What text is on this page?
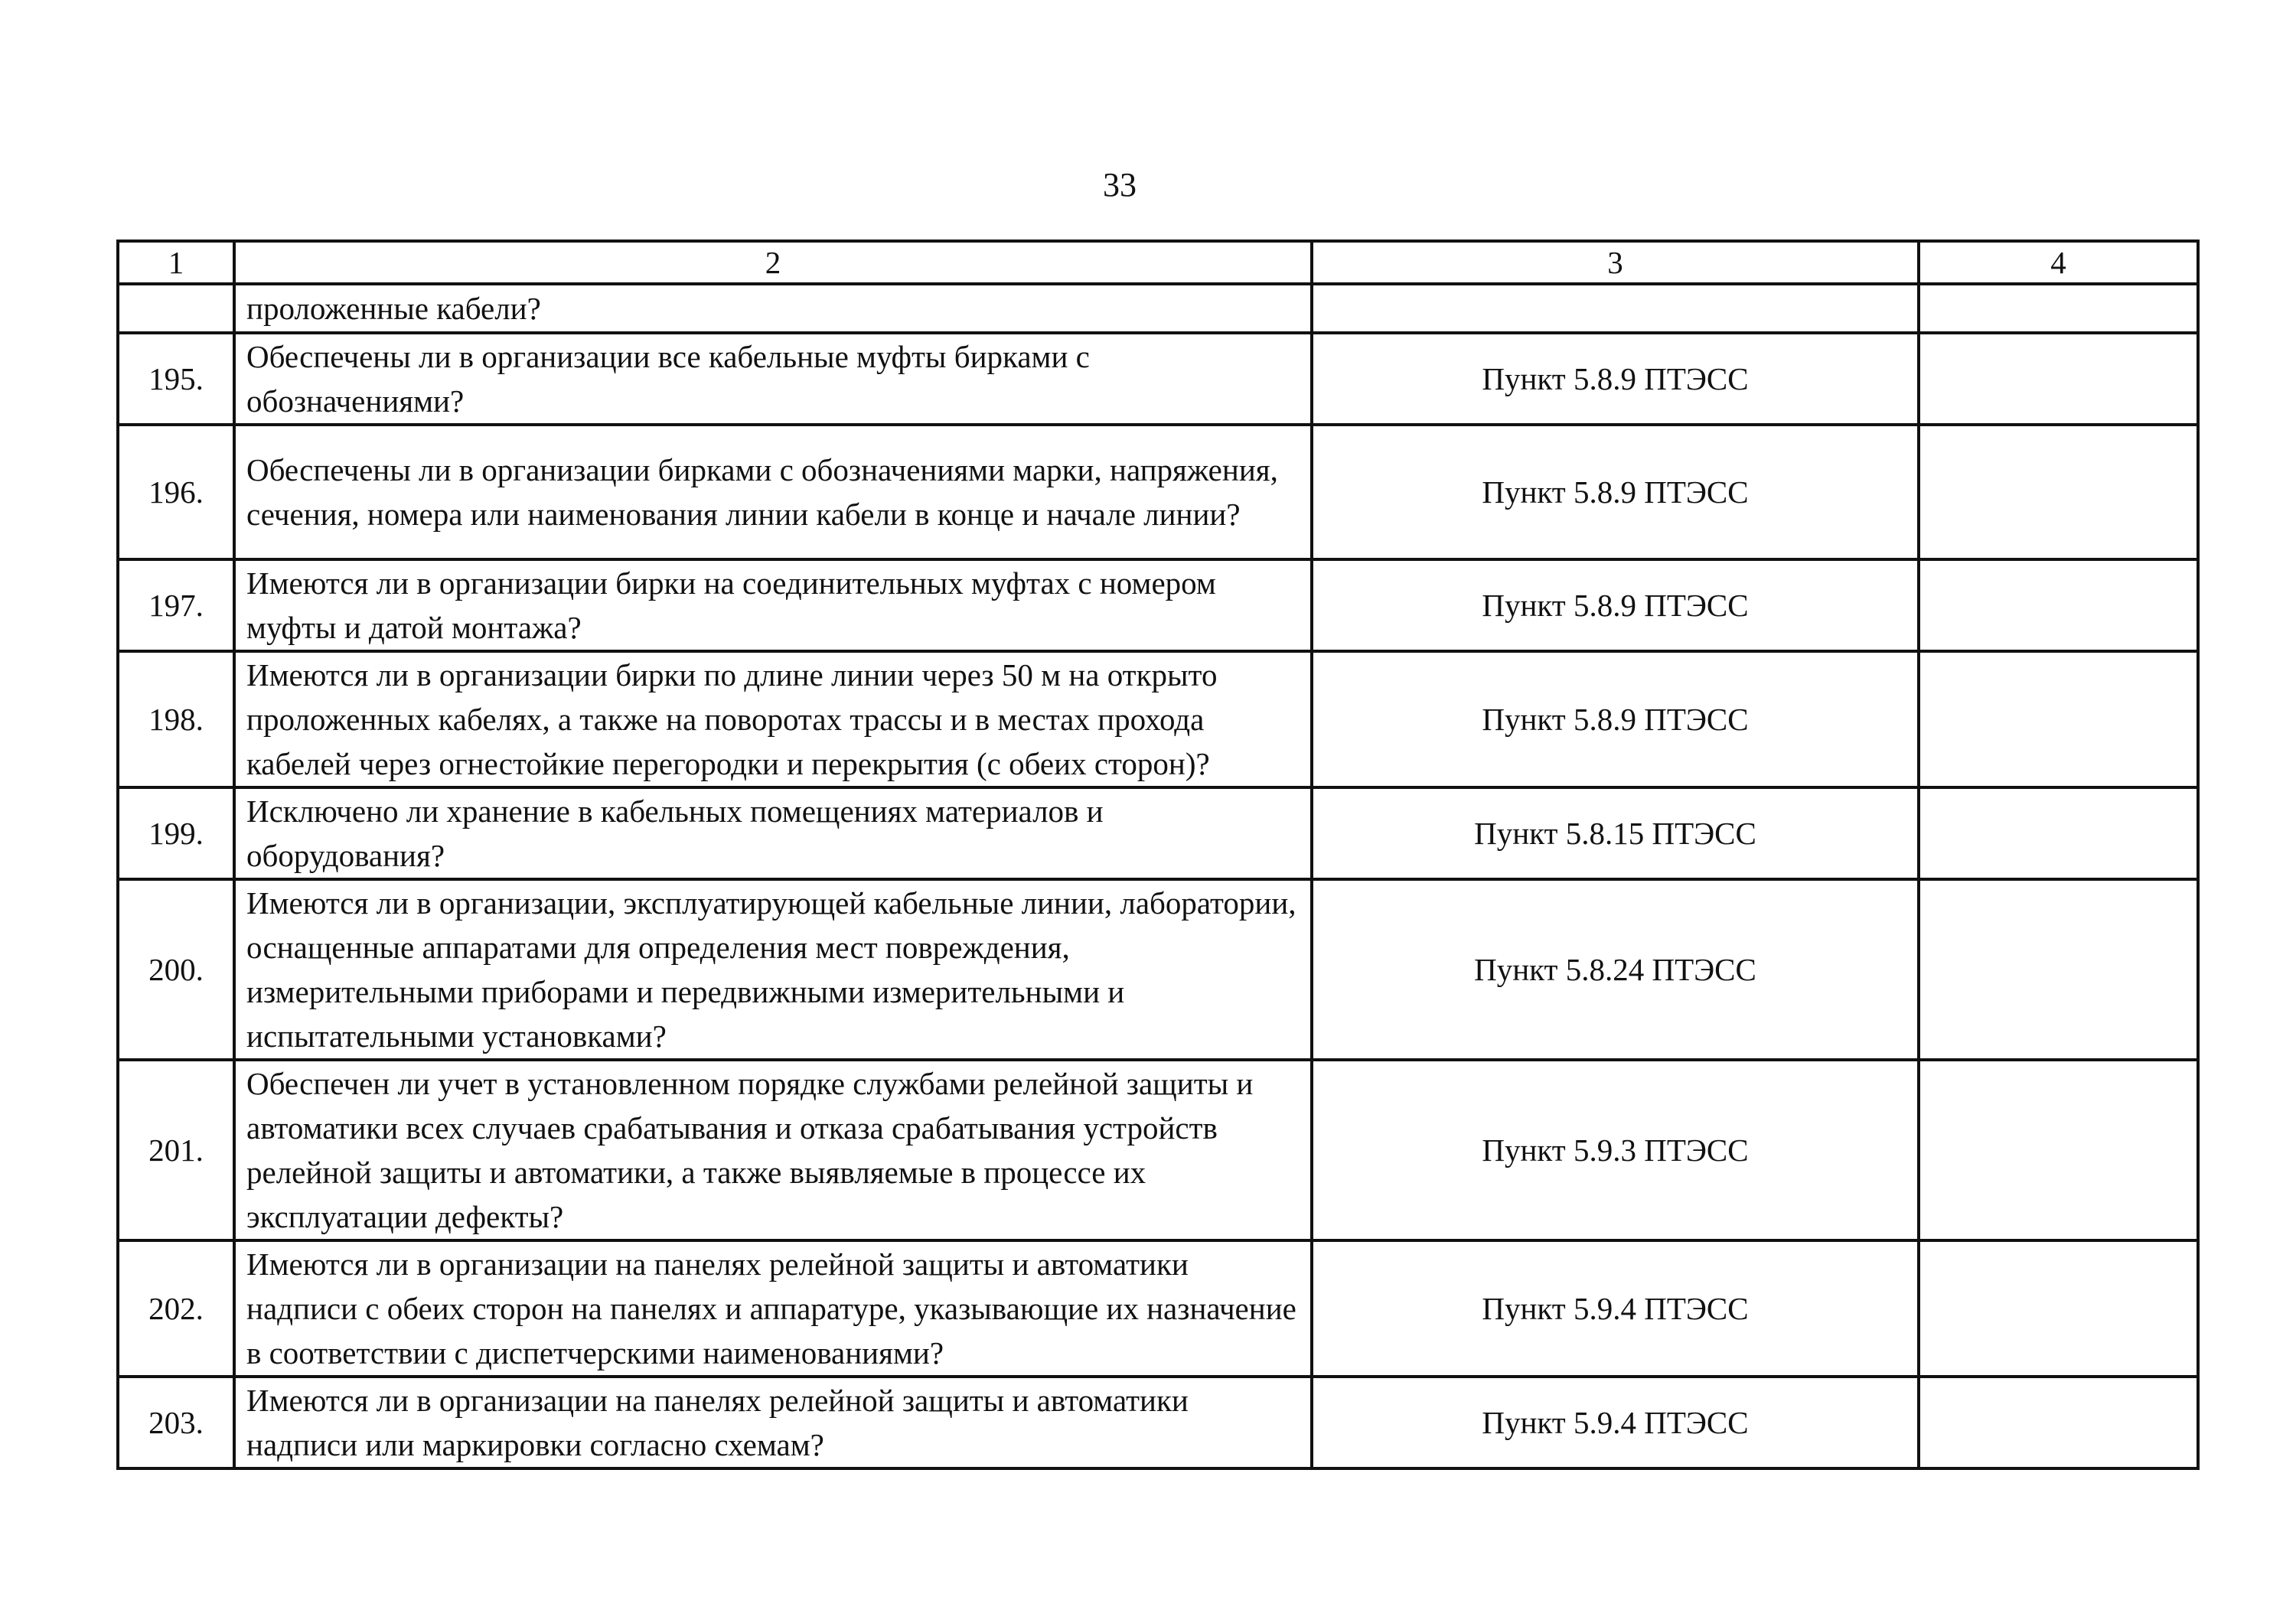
33
1	2	3	4
	проложенные кабели?		
195.	Обеспечены ли в организации все кабельные муфты бирками с обозначениями?	Пункт 5.8.9 ПТЭСС	
196.	Обеспечены ли в организации бирками с обозначениями марки, напряжения, сечения, номера или наименования линии кабели в конце и начале линии?	Пункт 5.8.9 ПТЭСС	
197.	Имеются ли в организации бирки на соединительных муфтах с номером муфты и датой монтажа?	Пункт 5.8.9 ПТЭСС	
198.	Имеются ли в организации бирки по длине линии через 50 м на открыто проложенных кабелях, а также на поворотах трассы и в местах прохода кабелей через огнестойкие перегородки и перекрытия (с обеих сторон)?	Пункт 5.8.9 ПТЭСС	
199.	Исключено ли хранение в кабельных помещениях материалов и оборудования?	Пункт 5.8.15 ПТЭСС	
200.	Имеются ли в организации, эксплуатирующей кабельные линии, лаборатории, оснащенные аппаратами для определения мест повреждения, измерительными приборами и передвижными измерительными и испытательными установками?	Пункт 5.8.24 ПТЭСС	
201.	Обеспечен ли учет в установленном порядке службами релейной защиты и автоматики всех случаев срабатывания и отказа срабатывания устройств релейной защиты и автоматики, а также выявляемые в процессе их эксплуатации дефекты?	Пункт 5.9.3 ПТЭСС	
202.	Имеются ли в организации на панелях релейной защиты и автоматики надписи с обеих сторон на панелях и аппаратуре, указывающие их назначение в соответствии с диспетчерскими наименованиями?	Пункт 5.9.4 ПТЭСС	
203.	Имеются ли в организации на панелях релейной защиты и автоматики надписи или маркировки согласно схемам?	Пункт 5.9.4 ПТЭСС	
